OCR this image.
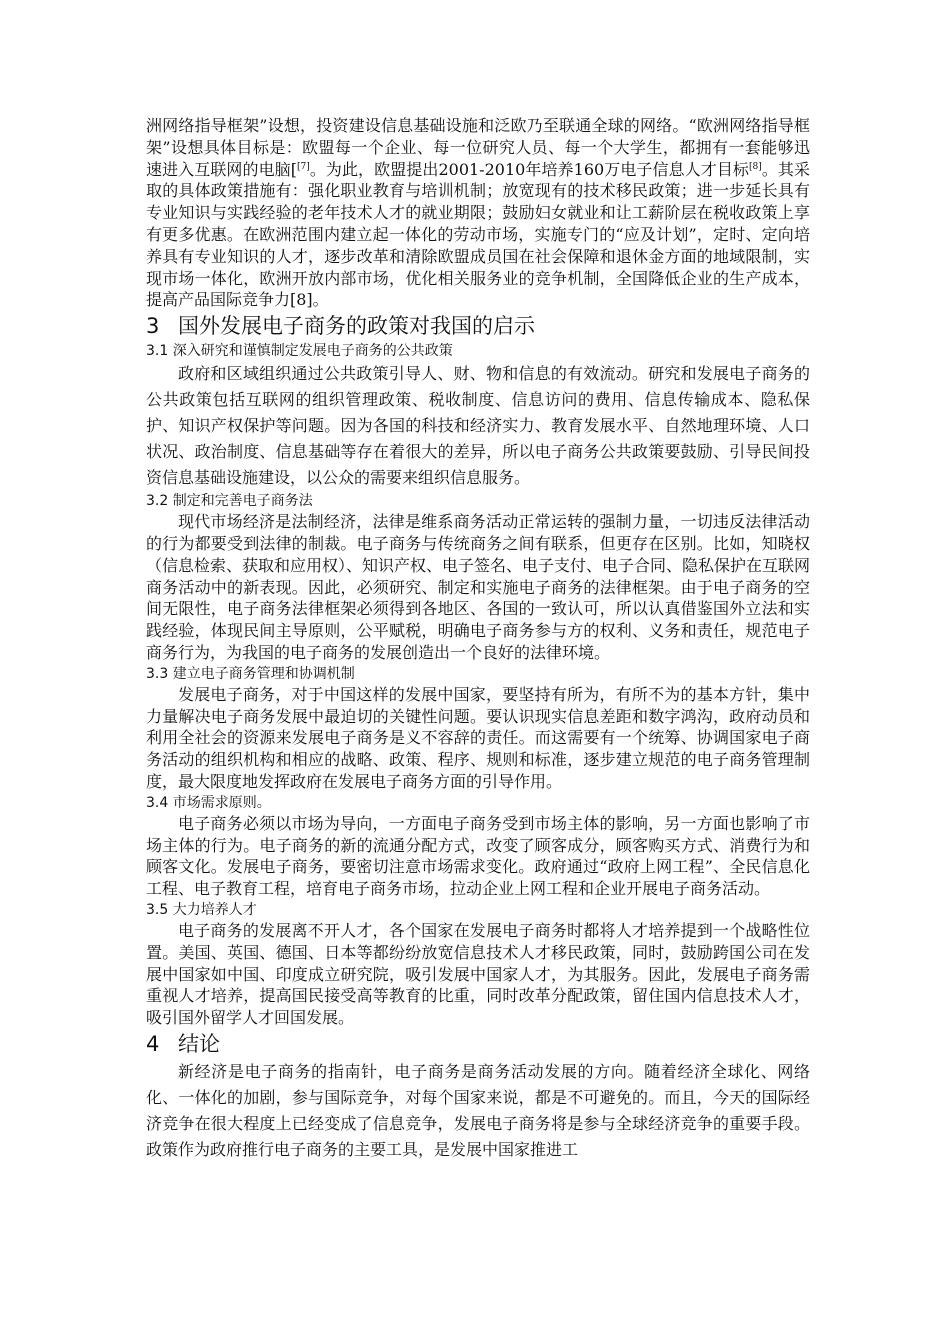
洲网络指导框架”设想，投资建设信息基础设施和泛欧乃至联通全球的网络。“欧洲网络指导框架”设想具体目标是：欧盟每一个企业、每一位研究人员、每一个大学生，都拥有一套能够迅速进入互联网的电脑[[7]。为此，欧盟提出2001-2010年培养160万电子信息人才目标[8]。其采取的具体政策措施有：强化职业教育与培训机制；放宽现有的技术移民政策；进一步延长具有专业知识与实践经验的老年技术人才的就业期限；鼓励妇女就业和让工薪阶层在税收政策上享有更多优惠。在欧洲范围内建立起一体化的劳动市场，实施专门的“应及计划”，定时、定向培养具有专业知识的人才，逐步改革和清除欧盟成员国在社会保障和退休金方面的地域限制，实现市场一体化，欧洲开放内部市场，优化相关服务业的竞争机制，全国降低企业的生产成本，提高产品国际竞争力[8]。

3 国外发展电子商务的政策对我国的启示
3.1 深入研究和谨慎制定发展电子商务的公共政策

政府和区域组织通过公共政策引导人、财、物和信息的有效流动。研究和发展电子商务的公共政策包括互联网的组织管理政策、税收制度、信息访问的费用、信息传输成本、隐私保护、知识产权保护等问题。因为各国的科技和经济实力、教育发展水平、自然地理环境、人口状况、政治制度、信息基础等存在着很大的差异，所以电子商务公共政策要鼓励、引导民间投资信息基础设施建设，以公众的需要来组织信息服务。

3.2 制定和完善电子商务法

现代市场经济是法制经济，法律是维系商务活动正常运转的强制力量，一切违反法律活动的行为都要受到法律的制裁。电子商务与传统商务之间有联系，但更存在区别。比如，知晓权（信息检索、获取和应用权）、知识产权、电子签名、电子支付、电子合同、隐私保护在互联网商务活动中的新表现。因此，必须研究、制定和实施电子商务的法律框架。由于电子商务的空间无限性，电子商务法律框架必须得到各地区、各国的一致认可，所以认真借鉴国外立法和实践经验，体现民间主导原则，公平赋税，明确电子商务参与方的权利、义务和责任，规范电子商务行为，为我国的电子商务的发展创造出一个良好的法律环境。

3.3 建立电子商务管理和协调机制

发展电子商务，对于中国这样的发展中国家，要坚持有所为，有所不为的基本方针，集中力量解决电子商务发展中最迫切的关键性问题。要认识现实信息差距和数字鸿沟，政府动员和利用全社会的资源来发展电子商务是义不容辞的责任。而这需要有一个统筹、协调国家电子商务活动的组织机构和相应的战略、政策、程序、规则和标准，逐步建立规范的电子商务管理制度，最大限度地发挥政府在发展电子商务方面的引导作用。

3.4 市场需求原则。

电子商务必须以市场为导向，一方面电子商务受到市场主体的影响，另一方面也影响了市场主体的行为。电子商务的新的流通分配方式，改变了顾客成分，顾客购买方式、消费行为和顾客文化。发展电子商务，要密切注意市场需求变化。政府通过“政府上网工程”、全民信息化工程、电子教育工程，培育电子商务市场，拉动企业上网工程和企业开展电子商务活动。

3.5 大力培养人才

电子商务的发展离不开人才，各个国家在发展电子商务时都将人才培养提到一个战略性位置。美国、英国、德国、日本等都纷纷放宽信息技术人才移民政策，同时，鼓励跨国公司在发展中国家如中国、印度成立研究院，吸引发展中国家人才，为其服务。因此，发展电子商务需重视人才培养，提高国民接受高等教育的比重，同时改革分配政策，留住国内信息技术人才，吸引国外留学人才回国发展。

4 结论

新经济是电子商务的指南针，电子商务是商务活动发展的方向。随着经济全球化、网络化、一体化的加剧，参与国际竞争，对每个国家来说，都是不可避免的。而且，今天的国际经济竞争在很大程度上已经变成了信息竞争，发展电子商务将是参与全球经济竞争的重要手段。政策作为政府推行电子商务的主要工具，是发展中国家推进工
